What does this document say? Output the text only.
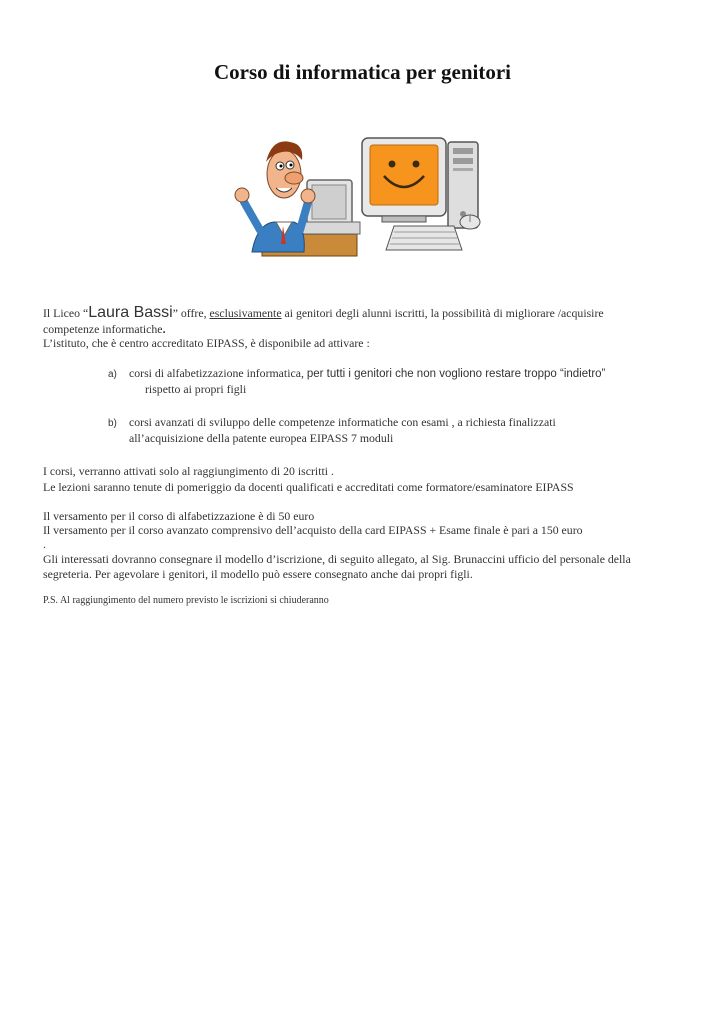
Corso di informatica per genitori
Il Liceo “Laura Bassi” offre, esclusivamente ai genitori degli alunni iscritti, la possibilità di migliorare /acquisire
competenze informatiche.
L’istituto, che è centro accreditato EIPASS, è disponibile ad attivare :
a) corsi di alfabetizzazione informatica, per tutti i genitori che non vogliono restare troppo “indietro”
rispetto ai propri figli
b) corsi avanzati di sviluppo delle competenze informatiche con esami , a richiesta finalizzati
all’acquisizione della patente europea EIPASS 7 moduli
I corsi, verranno attivati solo al raggiungimento di 20 iscritti .
Le lezioni saranno tenute di pomeriggio da docenti qualificati e accreditati come formatore/esaminatore EIPASS
Il versamento per il corso di alfabetizzazione è di 50 euro
Il versamento per il corso avanzato comprensivo dell’acquisto della card EIPASS + Esame finale è pari a 150 euro
.
Gli interessati dovranno consegnare il modello d’iscrizione, di seguito allegato, al Sig. Brunaccini ufficio del personale della
segreteria. Per agevolare i genitori, il modello può essere consegnato anche dai propri figli.
P.S. Al raggiungimento del numero previsto le iscrizioni si chiuderanno
